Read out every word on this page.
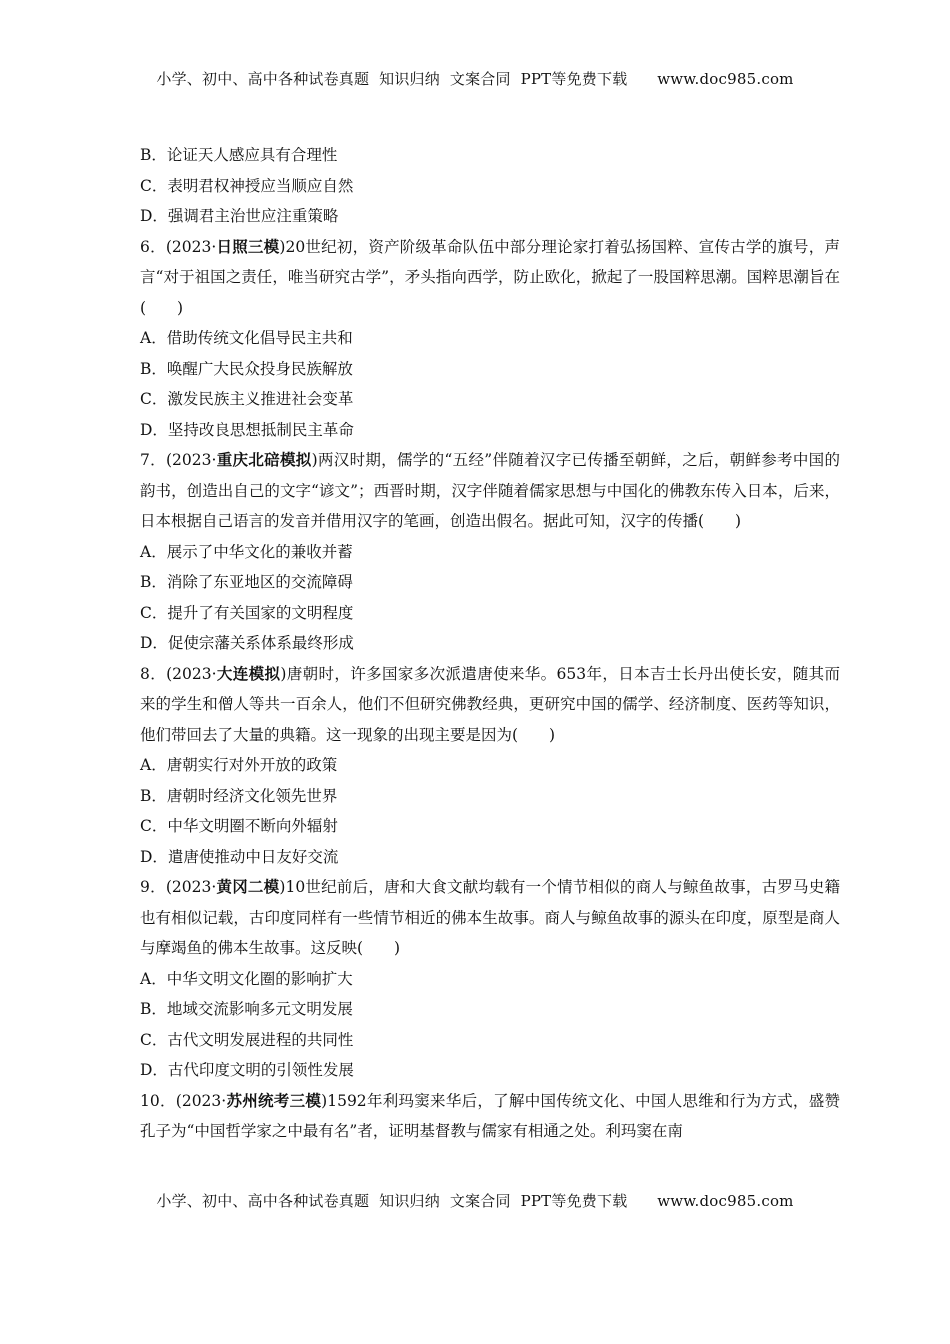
小学、初中、高中各种试卷真题  知识归纳  文案合同  PPT等免费下载      www.doc985.com

B．论证天人感应具有合理性

C．表明君权神授应当顺应自然

D．强调君主治世应注重策略

6．(2023·日照三模)20世纪初，资产阶级革命队伍中部分理论家打着弘扬国粹、宣传古学的旗号，声言“对于祖国之责任，唯当研究古学”，矛头指向西学，防止欧化，掀起了一股国粹思潮。国粹思潮旨在(　　)

A．借助传统文化倡导民主共和

B．唤醒广大民众投身民族解放

C．激发民族主义推进社会变革

D．坚持改良思想抵制民主革命

7．(2023·重庆北碚模拟)两汉时期，儒学的“五经”伴随着汉字已传播至朝鲜，之后，朝鲜参考中国的韵书，创造出自己的文字“谚文”；西晋时期，汉字伴随着儒家思想与中国化的佛教东传入日本，后来，日本根据自己语言的发音并借用汉字的笔画，创造出假名。据此可知，汉字的传播(　　)

A．展示了中华文化的兼收并蓄

B．消除了东亚地区的交流障碍

C．提升了有关国家的文明程度

D．促使宗藩关系体系最终形成

8．(2023·大连模拟)唐朝时，许多国家多次派遣唐使来华。653年，日本吉士长丹出使长安，随其而来的学生和僧人等共一百余人，他们不但研究佛教经典，更研究中国的儒学、经济制度、医药等知识，他们带回去了大量的典籍。这一现象的出现主要是因为(　　)

A．唐朝实行对外开放的政策

B．唐朝时经济文化领先世界

C．中华文明圈不断向外辐射

D．遣唐使推动中日友好交流

9．(2023·黄冈二模)10世纪前后，唐和大食文献均载有一个情节相似的商人与鲸鱼故事，古罗马史籍也有相似记载，古印度同样有一些情节相近的佛本生故事。商人与鲸鱼故事的源头在印度，原型是商人与摩竭鱼的佛本生故事。这反映(　　)

A．中华文明文化圈的影响扩大

B．地域交流影响多元文明发展

C．古代文明发展进程的共同性

D．古代印度文明的引领性发展

10．(2023·苏州统考三模)1592年利玛窦来华后，了解中国传统文化、中国人思维和行为方式，盛赞孔子为“中国哲学家之中最有名”者，证明基督教与儒家有相通之处。利玛窦在南

小学、初中、高中各种试卷真题  知识归纳  文案合同  PPT等免费下载      www.doc985.com
